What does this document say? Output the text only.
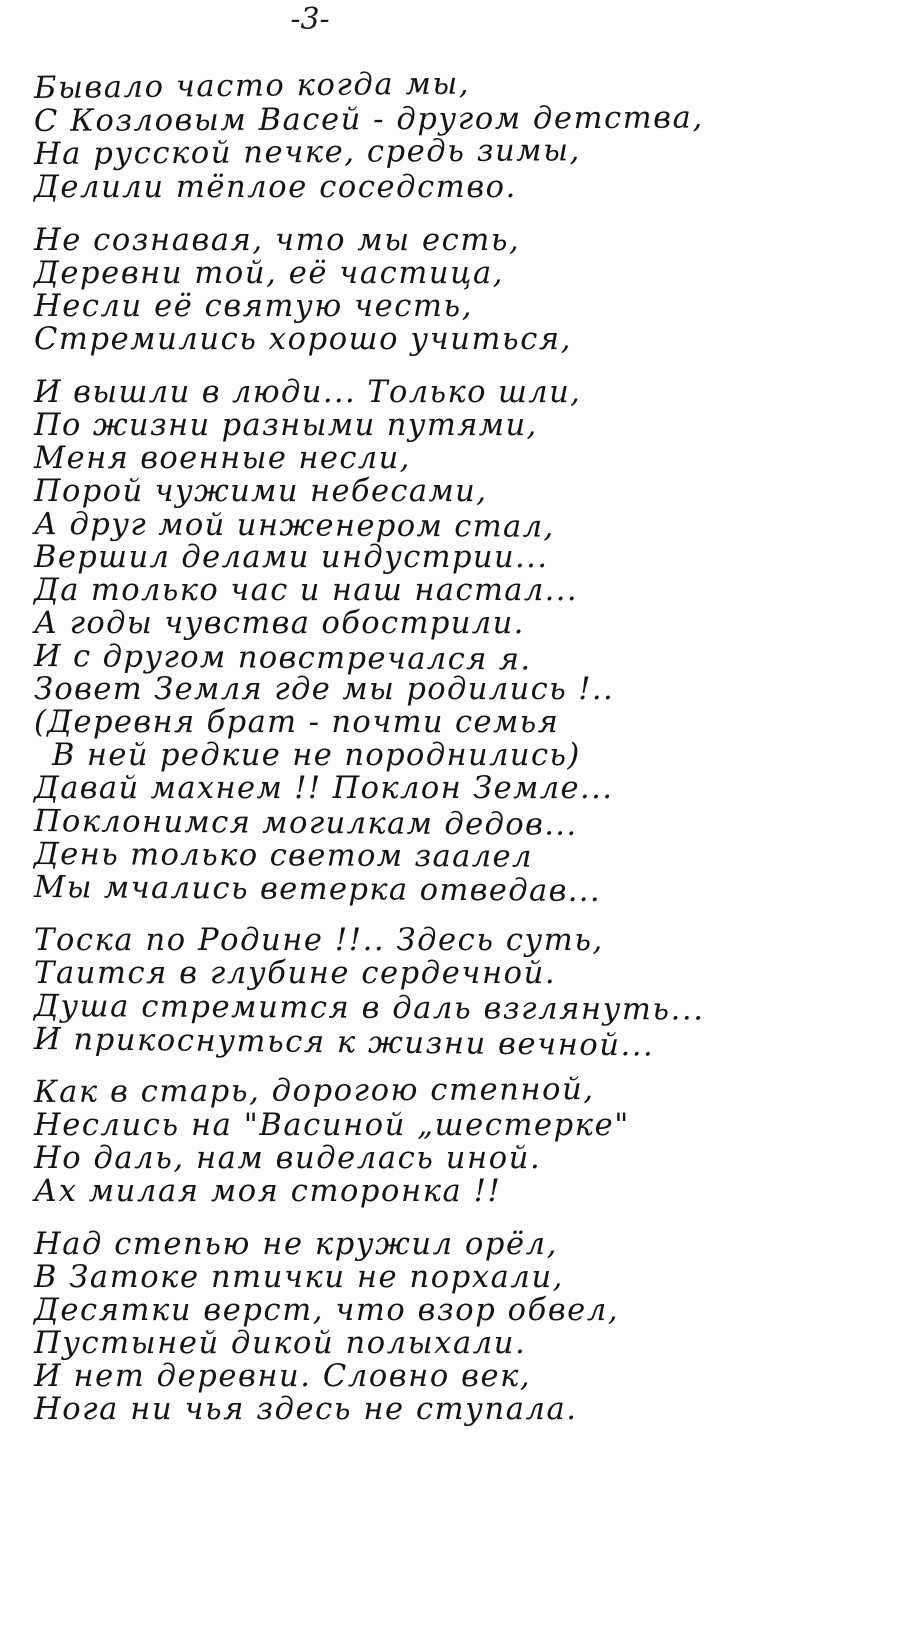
-3-
Бывало часто когда мы,
С Козловым Васей - другом детства,
На русской печке, средь зимы,
Делили тёплое соседство.
Не сознавая, что мы есть,
Деревни той, её частица,
Несли её святую честь,
Стремились хорошо учиться,
И вышли в люди... Только шли,
По жизни разными путями,
Меня военные несли,
Порой чужими небесами,
А друг мой инженером стал,
Вершил делами индустрии...
Да только час и наш настал...
А годы чувства обострили.
И с другом повстречался я.
Зовет Земля где мы родились !..
(Деревня брат - почти семья
В ней редкие не породнились)
Давай махнем !! Поклон Земле...
Поклонимся могилкам дедов...
День только светом заалел
Мы мчались ветерка отведав...
Тоска по Родине !!.. Здесь суть,
Таится в глубине сердечной.
Душа стремится в даль взглянуть...
И прикоснуться к жизни вечной...
Как в старь, дорогою степной,
Неслись на "Васиной „шестерке"
Но даль, нам виделась иной.
Ах милая моя сторонка !!
Над степью не кружил орёл,
В Затоке птички не порхали,
Десятки верст, что взор обвел,
Пустыней дикой полыхали.
И нет деревни. Словно век,
Нога ни чья здесь не ступала.
